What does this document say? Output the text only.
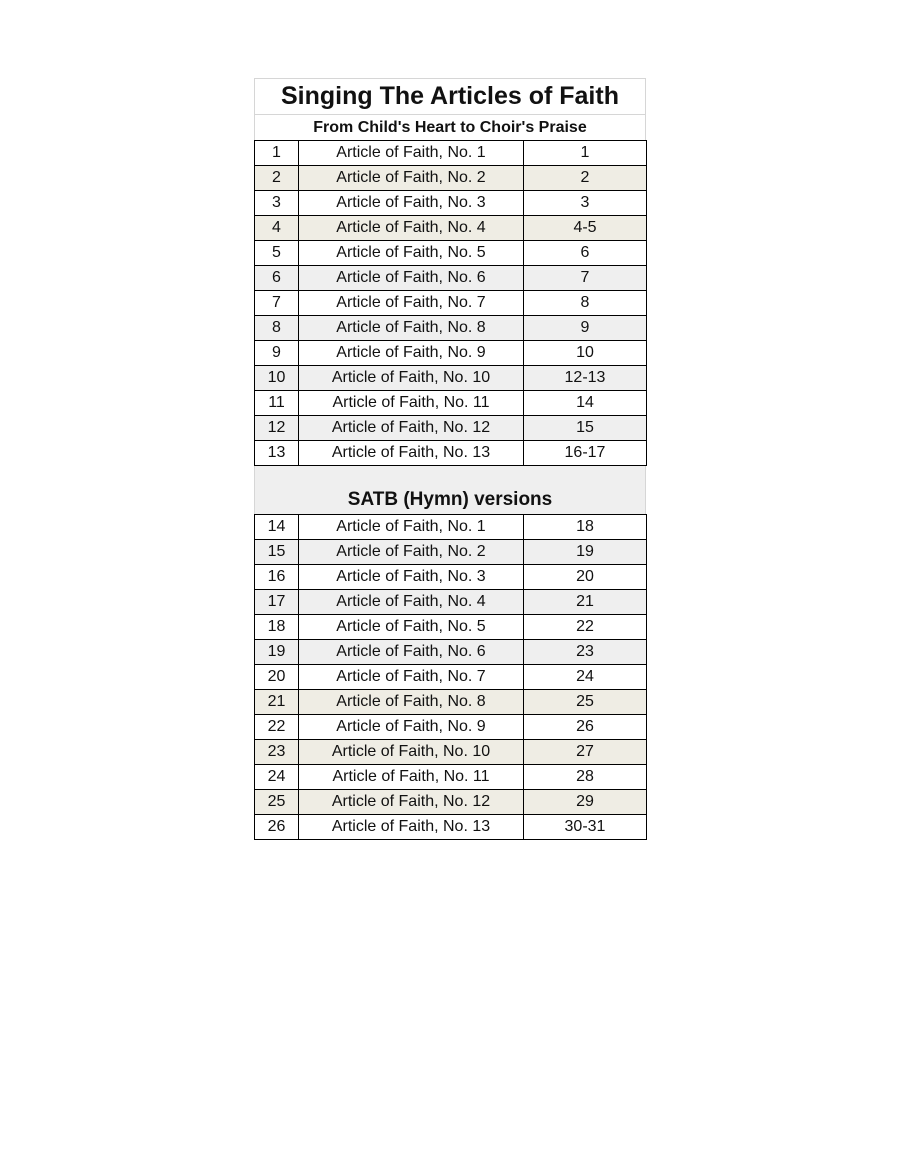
Singing The Articles of Faith
From Child's Heart to Choir's Praise
1	Article of Faith, No. 1	1
2	Article of Faith, No. 2	2
3	Article of Faith, No. 3	3
4	Article of Faith, No. 4	4-5
5	Article of Faith, No. 5	6
6	Article of Faith, No. 6	7
7	Article of Faith, No. 7	8
8	Article of Faith, No. 8	9
9	Article of Faith, No. 9	10
10	Article of Faith, No. 10	12-13
11	Article of Faith, No. 11	14
12	Article of Faith, No. 12	15
13	Article of Faith, No. 13	16-17
SATB (Hymn) versions
14	Article of Faith, No. 1	18
15	Article of Faith, No. 2	19
16	Article of Faith, No. 3	20
17	Article of Faith, No. 4	21
18	Article of Faith, No. 5	22
19	Article of Faith, No. 6	23
20	Article of Faith, No. 7	24
21	Article of Faith, No. 8	25
22	Article of Faith, No. 9	26
23	Article of Faith, No. 10	27
24	Article of Faith, No. 11	28
25	Article of Faith, No. 12	29
26	Article of Faith, No. 13	30-31
